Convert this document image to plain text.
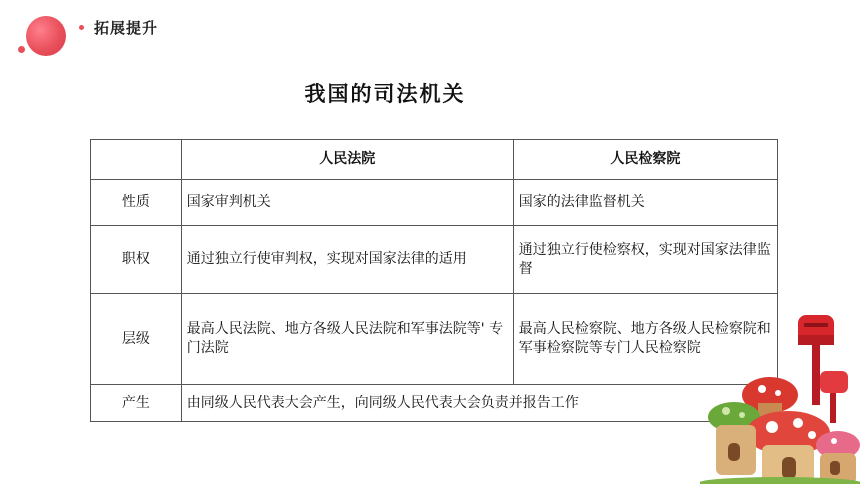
拓展提升
我国的司法机关
	人民法院	人民检察院
性质	国家审判机关	国家的法律监督机关
职权	通过独立行使审判权，实现对国家法律的适用	通过独立行使检察权，实现对国家法律监督
层级	最高人民法院、地方各级人民法院和军事法院等' 专门法院	最高人民检察院、地方各级人民检察院和军事检察院等专门人民检察院
产生	由同级人民代表大会产生，向同级人民代表大会负责并报告工作	
